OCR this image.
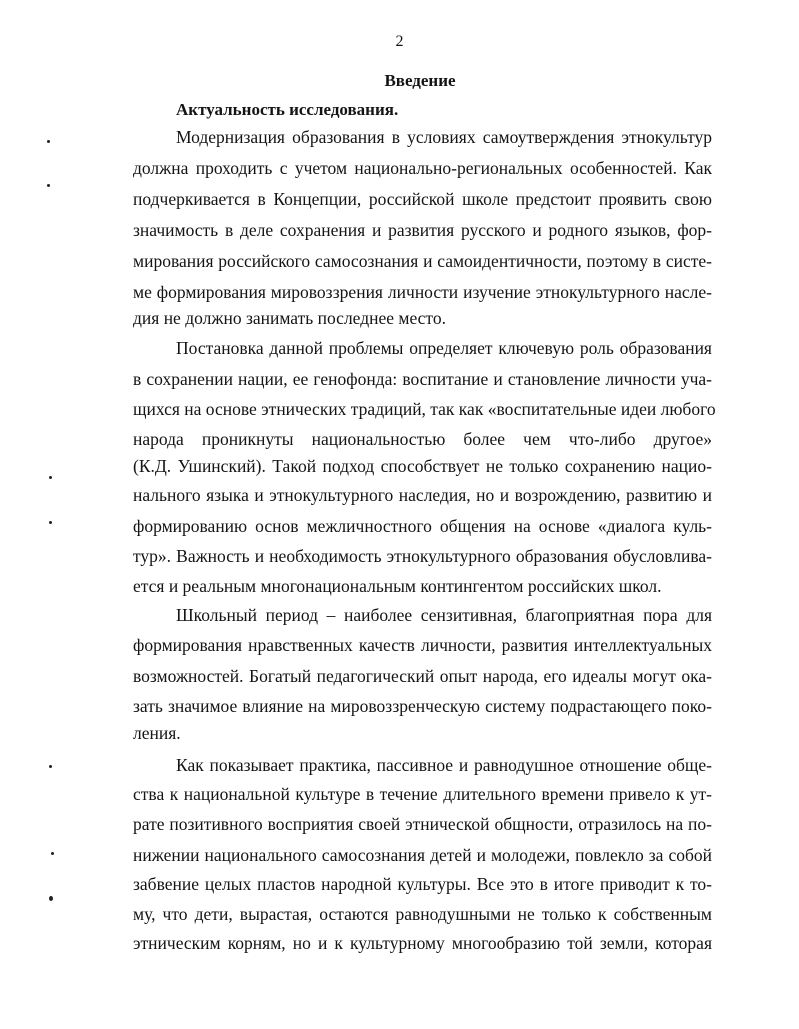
2
Введение
Актуальность исследования.
Модернизация образования в условиях самоутверждения этнокультур
должна проходить с учетом национально-региональных особенностей. Как
подчеркивается в Концепции, российской школе предстоит проявить свою
значимость в деле сохранения и развития русского и родного языков, фор-
мирования российского самосознания и самоидентичности, поэтому в систе-
ме формирования мировоззрения личности изучение этнокультурного насле-
дия не должно занимать последнее место.
Постановка данной проблемы определяет ключевую роль образования
в сохранении нации, ее генофонда: воспитание и становление личности уча-
щихся на основе этнических традиций, так как «воспитательные идеи любого
народа проникнуты национальностью более чем что-либо другое»
(К.Д. Ушинский). Такой подход способствует не только сохранению нацио-
нального языка и этнокультурного наследия, но и возрождению, развитию и
формированию основ межличностного общения на основе «диалога куль-
тур». Важность и необходимость этнокультурного образования обусловлива-
ется и реальным многонациональным контингентом российских школ.
Школьный период – наиболее сензитивная, благоприятная пора для
формирования нравственных качеств личности, развития интеллектуальных
возможностей. Богатый педагогический опыт народа, его идеалы могут ока-
зать значимое влияние на мировоззренческую систему подрастающего поко-
ления.
Как показывает практика, пассивное и равнодушное отношение обще-
ства к национальной культуре в течение длительного времени привело к ут-
рате позитивного восприятия своей этнической общности, отразилось на по-
нижении национального самосознания детей и молодежи, повлекло за собой
забвение целых пластов народной культуры. Все это в итоге приводит к то-
му, что дети, вырастая, остаются равнодушными не только к собственным
этническим корням, но и к культурному многообразию той земли, которая
